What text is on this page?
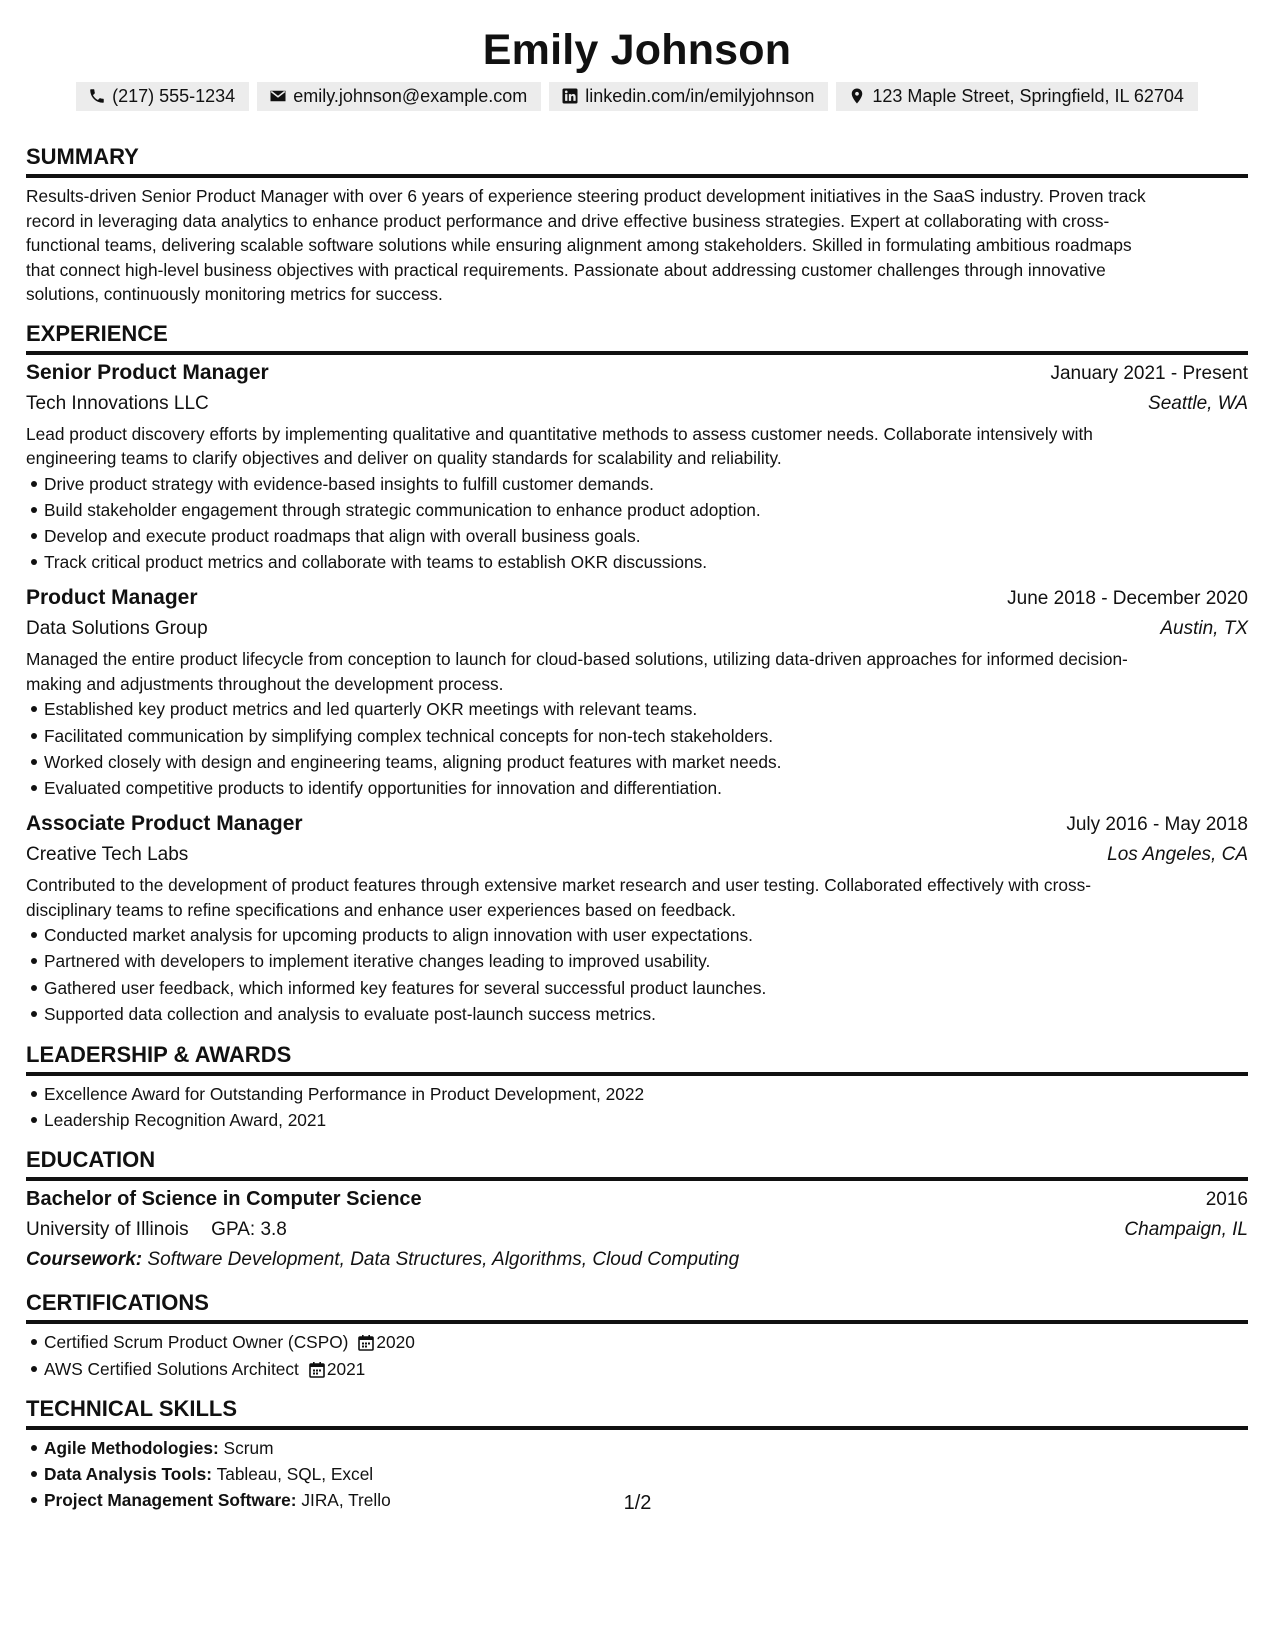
Emily Johnson
(217) 555-1234	emily.johnson@example.com	linkedin.com/in/emilyjohnson	123 Maple Street, Springfield, IL 62704
SUMMARY

Results-driven Senior Product Manager with over 6 years of experience steering product development initiatives in the SaaS industry. Proven track
record in leveraging data analytics to enhance product performance and drive effective business strategies. Expert at collaborating with cross-
functional teams, delivering scalable software solutions while ensuring alignment among stakeholders. Skilled in formulating ambitious roadmaps
that connect high-level business objectives with practical requirements. Passionate about addressing customer challenges through innovative
solutions, continuously monitoring metrics for success.

EXPERIENCE
Senior Product Manager	January 2021 - Present
Tech Innovations LLC	Seattle, WA

Lead product discovery efforts by implementing qualitative and quantitative methods to assess customer needs. Collaborate intensively with
engineering teams to clarify objectives and deliver on quality standards for scalability and reliability.

Drive product strategy with evidence-based insights to fulfill customer demands.
Build stakeholder engagement through strategic communication to enhance product adoption.
Develop and execute product roadmaps that align with overall business goals.
Track critical product metrics and collaborate with teams to establish OKR discussions.
Product Manager	June 2018 - December 2020
Data Solutions Group	Austin, TX

Managed the entire product lifecycle from conception to launch for cloud-based solutions, utilizing data-driven approaches for informed decision-
making and adjustments throughout the development process.

Established key product metrics and led quarterly OKR meetings with relevant teams.
Facilitated communication by simplifying complex technical concepts for non-tech stakeholders.
Worked closely with design and engineering teams, aligning product features with market needs.
Evaluated competitive products to identify opportunities for innovation and differentiation.
Associate Product Manager	July 2016 - May 2018
Creative Tech Labs	Los Angeles, CA

Contributed to the development of product features through extensive market research and user testing. Collaborated effectively with cross-
disciplinary teams to refine specifications and enhance user experiences based on feedback.

Conducted market analysis for upcoming products to align innovation with user expectations.
Partnered with developers to implement iterative changes leading to improved usability.
Gathered user feedback, which informed key features for several successful product launches.
Supported data collection and analysis to evaluate post-launch success metrics.
LEADERSHIP & AWARDS
Excellence Award for Outstanding Performance in Product Development, 2022
Leadership Recognition Award, 2021
EDUCATION
Bachelor of Science in Computer Science	2016
University of Illinois GPA: 3.8	Champaign, IL
Coursework: Software Development, Data Structures, Algorithms, Cloud Computing
CERTIFICATIONS
Certified Scrum Product Owner (CSPO) 2020
AWS Certified Solutions Architect 2021
TECHNICAL SKILLS
Agile Methodologies: Scrum
Data Analysis Tools: Tableau, SQL, Excel
Project Management Software: JIRA, Trello	1/2
